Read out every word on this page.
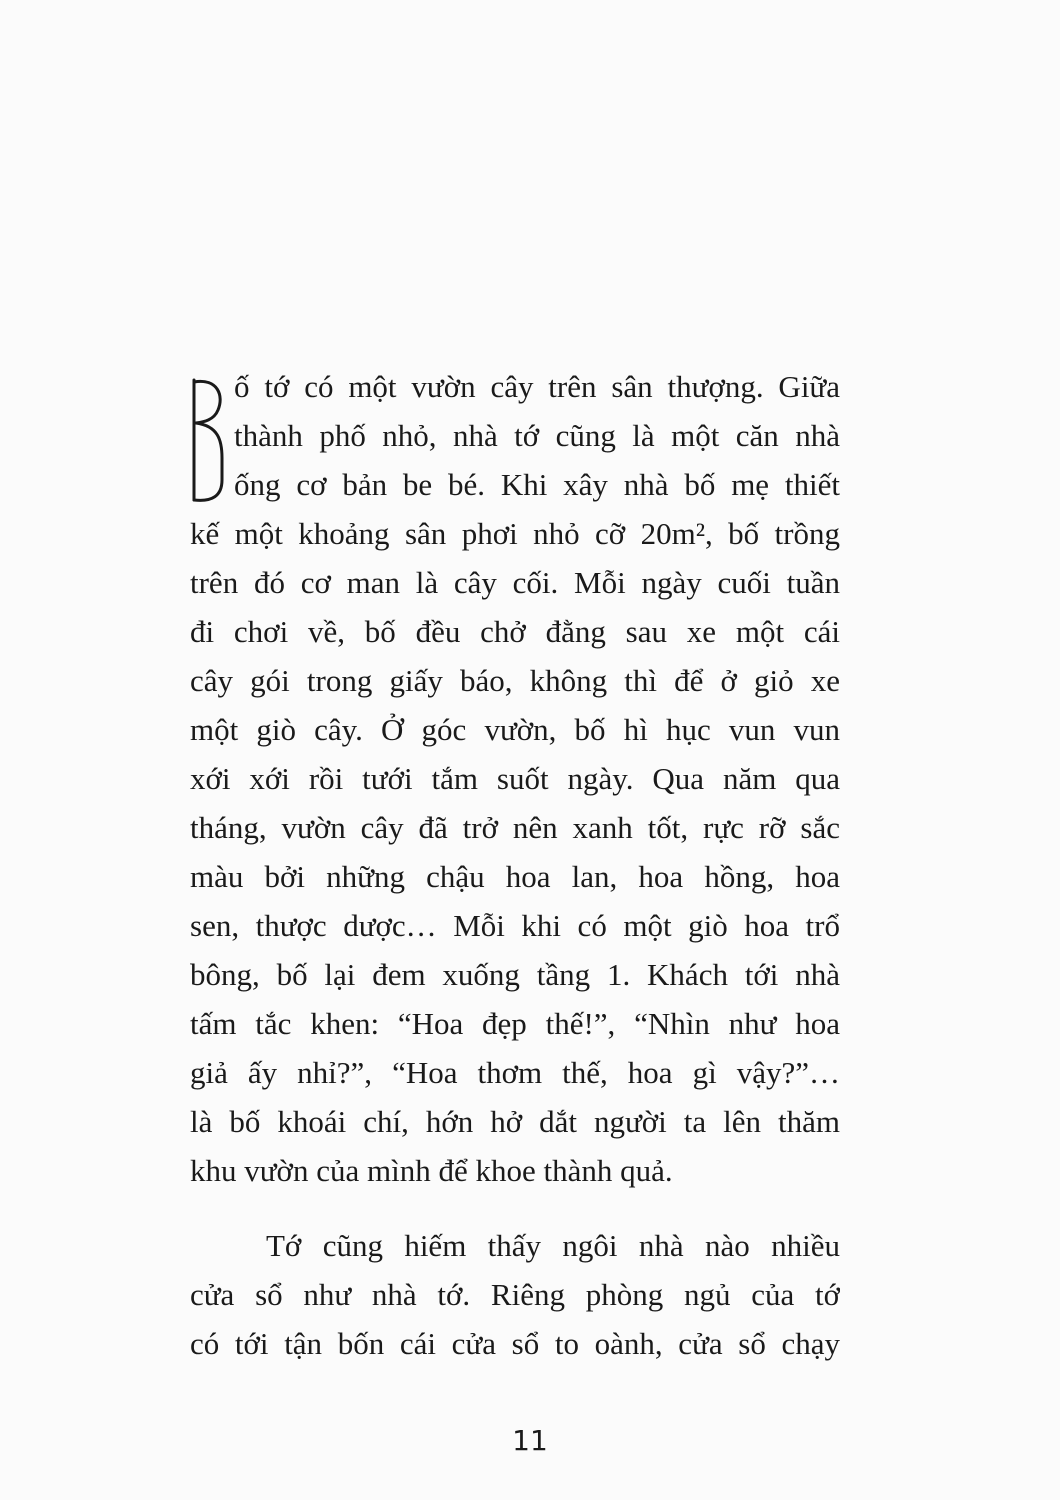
ố tớ có một vườn cây trên sân thượng. Giữa
thành phố nhỏ, nhà tớ cũng là một căn nhà
ống cơ bản be bé. Khi xây nhà bố mẹ thiết
kế một khoảng sân phơi nhỏ cỡ 20m², bố trồng
trên đó cơ man là cây cối. Mỗi ngày cuối tuần
đi chơi về, bố đều chở đằng sau xe một cái
cây gói trong giấy báo, không thì để ở giỏ xe
một giò cây. Ở góc vườn, bố hì hục vun vun
xới xới rồi tưới tắm suốt ngày. Qua năm qua
tháng, vườn cây đã trở nên xanh tốt, rực rỡ sắc
màu bởi những chậu hoa lan, hoa hồng, hoa
sen, thược dược… Mỗi khi có một giò hoa trổ
bông, bố lại đem xuống tầng 1. Khách tới nhà
tấm tắc khen: “Hoa đẹp thế!”, “Nhìn như hoa
giả ấy nhỉ?”, “Hoa thơm thế, hoa gì vậy?”…
là bố khoái chí, hớn hở dắt người ta lên thăm
khu vườn của mình để khoe thành quả.
Tớ cũng hiếm thấy ngôi nhà nào nhiều
cửa sổ như nhà tớ. Riêng phòng ngủ của tớ
có tới tận bốn cái cửa sổ to oành, cửa sổ chạy
11
